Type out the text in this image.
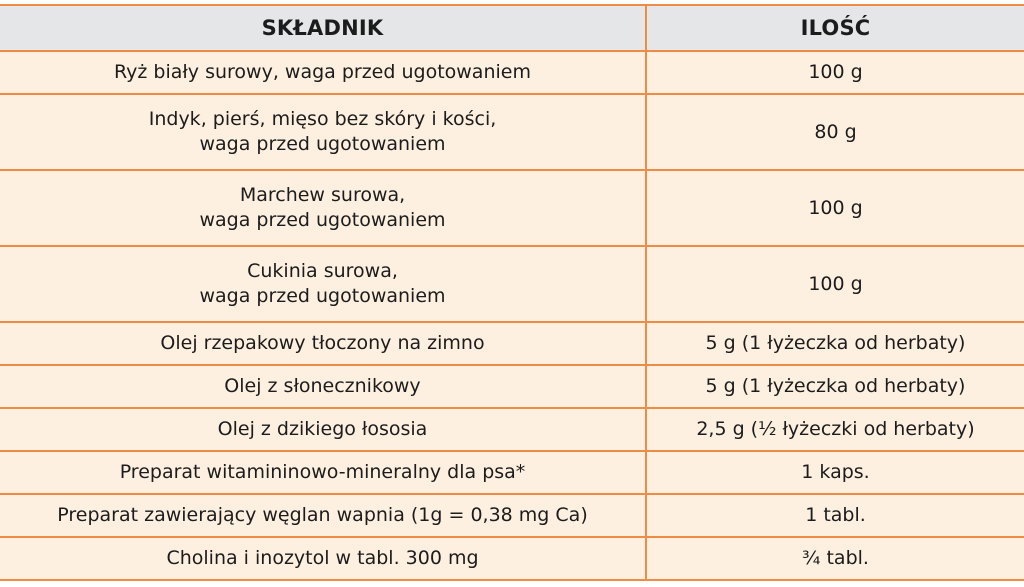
SKŁADNIK	ILOŚĆ

Ryż biały surowy, waga przed ugotowaniem	100 g

Indyk, pierś, mięso bez skóry i kości,
waga przed ugotowaniem	80 g

Marchew surowa,
waga przed ugotowaniem	100 g

Cukinia surowa,
waga przed ugotowaniem	100 g

Olej rzepakowy tłoczony na zimno	5 g (1 łyżeczka od herbaty)

Olej z słonecznikowy	5 g (1 łyżeczka od herbaty)

Olej z dzikiego łososia	2,5 g (½ łyżeczki od herbaty)

Preparat witamininowo-mineralny dla psa*	1 kaps.

Preparat zawierający węglan wapnia (1g = 0,38 mg Ca)	1 tabl.

Cholina i inozytol w tabl. 300 mg	¾ tabl.
